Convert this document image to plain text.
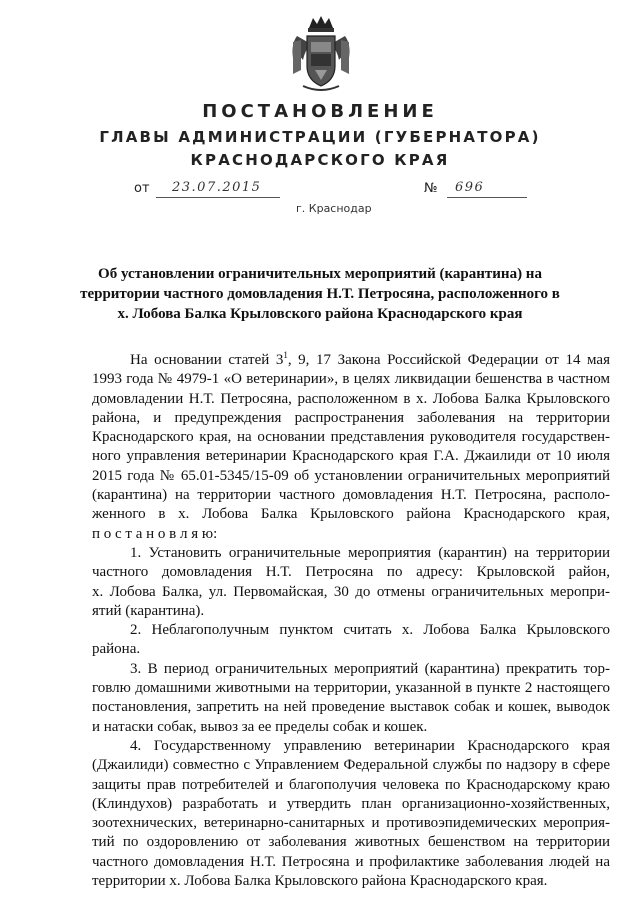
ПОСТАНОВЛЕНИЕ
ГЛАВЫ АДМИНИСТРАЦИИ (ГУБЕРНАТОРА)
КРАСНОДАРСКОГО КРАЯ
от 23.07.2015	№ 696
г. Краснодар
Об установлении ограничительных мероприятий (карантина) на
территории частного домовладения Н.Т. Петросяна, расположенного в
х. Лобова Балка Крыловского района Краснодарского края

На основании статей $3^1$, 9, 17 Закона Российской Федерации от 14 мая
1993 года № 4979-1 «О ветеринарии», в целях ликвидации бешенства в частном
домовладении Н.Т. Петросяна, расположенном в х. Лобова Балка Крыловского
района, и предупреждения распространения заболевания на территории
Краснодарского края, на основании представления руководителя государствен-
ного управления ветеринарии Краснодарского края Г.А. Джаилиди от 10 июля
2015 года № 65.01-5345/15-09 об установлении ограничительных мероприятий
(карантина) на территории частного домовладения Н.Т. Петросяна, располо-
женного в х. Лобова Балка Крыловского района Краснодарского края,
п о с т а н о в л я ю:

1. Установить ограничительные мероприятия (карантин) на территории
частного домовладения Н.Т. Петросяна по адресу: Крыловской район,
х. Лобова Балка, ул. Первомайская, 30 до отмены ограничительных меропри-
ятий (карантина).

2. Неблагополучным пунктом считать х. Лобова Балка Крыловского
района.

3. В период ограничительных мероприятий (карантина) прекратить тор-
говлю домашними животными на территории, указанной в пункте 2 настоящего
постановления, запретить на ней проведение выставок собак и кошек, выводок
и натаски собак, вывоз за ее пределы собак и кошек.

4. Государственному управлению ветеринарии Краснодарского края
(Джаилиди) совместно с Управлением Федеральной службы по надзору в сфере
защиты прав потребителей и благополучия человека по Краснодарскому краю
(Клиндухов) разработать и утвердить план организационно-хозяйственных,
зоотехнических, ветеринарно-санитарных и противоэпидемических мероприя-
тий по оздоровлению от заболевания животных бешенством на территории
частного домовладения Н.Т. Петросяна и профилактике заболевания людей на
территории х. Лобова Балка Крыловского района Краснодарского края.
